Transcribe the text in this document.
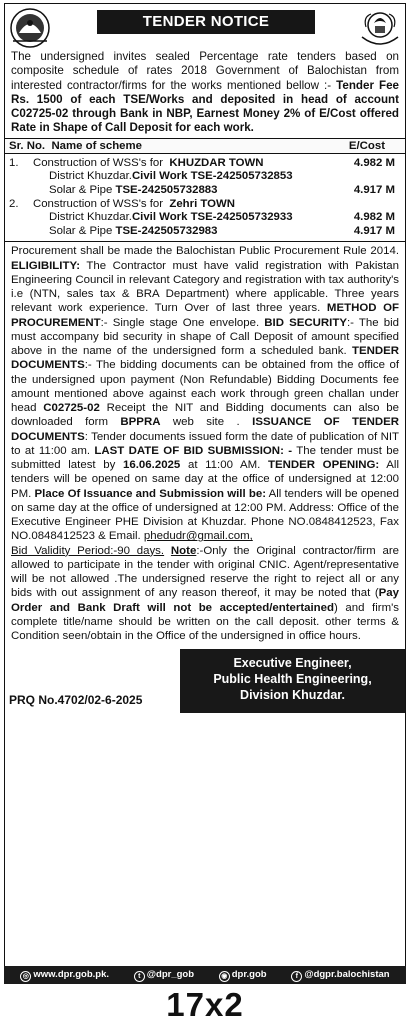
TENDER NOTICE
The undersigned invites sealed Percentage rate tenders based on composite schedule of rates 2018 Government of Balochistan from interested contractor/firms for the works mentioned bellow :- Tender Fee Rs. 1500 of each TSE/Works and deposited in head of account C02725-02 through Bank in NBP, Earnest Money 2% of E/Cost offered Rate in Shape of Call Deposit for each work.
Sr. No. Name of scheme		E/Cost
1.	Construction of WSS's for KHUZDAR TOWN	4.982 M
	District Khuzdar.Civil Work TSE-242505732853	
	Solar & Pipe TSE-242505732883	4.917 M
2.	Construction of WSS's for Zehri TOWN	
	District Khuzdar.Civil Work TSE-242505732933	4.982 M
	Solar & Pipe TSE-242505732983	4.917 M
Procurement shall be made the Balochistan Public Procurement Rule 2014. ELIGIBILITY: The Contractor must have valid registration with Pakistan Engineering Council in relevant Category and registration with tax authority's i.e (NTN, sales tax & BRA Department) where applicable. Three years relevant work experience. Turn Over of last three years. METHOD OF PROCUREMENT:- Single stage One envelope. BID SECURITY:- The bid must accompany bid security in shape of Call Deposit of amount specified above in the name of the undersigned form a scheduled bank. TENDER DOCUMENTS:- The bidding documents can be obtained from the office of the undersigned upon payment (Non Refundable) Bidding Documents fee amount mentioned above against each work through green challan under head C02725-02 Receipt the NIT and Bidding documents can also be downloaded form BPPRA web site . ISSUANCE OF TENDER DOCUMENTS: Tender documents issued form the date of publication of NIT to at 11:00 am. LAST DATE OF BID SUBMISSION: - The tender must be submitted latest by 16.06.2025 at 11:00 AM. TENDER OPENING: All tenders will be opened on same day at the office of undersigned at 12:00 PM. Place Of Issuance and Submission will be: All tenders will be opened on same day at the office of undersigned at 12:00 PM. Address: Office of the Executive Engineer PHE Division at Khuzdar. Phone NO.0848412523, Fax NO.0848412523 & Email. phedudr@gmail.com,
Bid Validity Period:-90 days. Note:-Only the Original contractor/firm are allowed to participate in the tender with original CNIC. Agent/representative will be not allowed .The undersigned reserve the right to reject all or any bids with out assignment of any reason thereof, it may be noted that (Pay Order and Bank Draft will not be accepted/entertained) and firm's complete title/name should be written on the call deposit. other terms & Condition seen/obtain in the Office of the undersigned in office hours.
PRQ No.4702/02-6-2025
Executive Engineer,
Public Health Engineering,
Division Khuzdar.
◎ www.dpr.gob.pk.	t @dpr_gob	◉ dpr.gob	f @dgpr.balochistan
17x2
